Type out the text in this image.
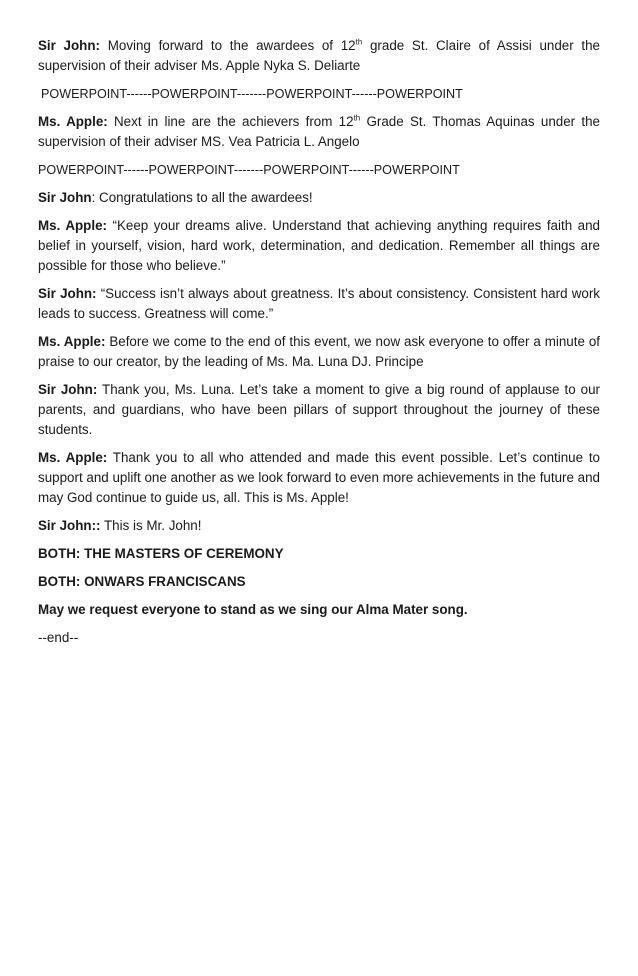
Sir John: Moving forward to the awardees of 12th grade St. Claire of Assisi under the supervision of their adviser Ms. Apple Nyka S. Deliarte

POWERPOINT------POWERPOINT-------POWERPOINT------POWERPOINT

Ms. Apple: Next in line are the achievers from 12th Grade St. Thomas Aquinas under the supervision of their adviser MS. Vea Patricia L. Angelo

POWERPOINT------POWERPOINT-------POWERPOINT------POWERPOINT

Sir John: Congratulations to all the awardees!

Ms. Apple: “Keep your dreams alive. Understand that achieving anything requires faith and belief in yourself, vision, hard work, determination, and dedication. Remember all things are possible for those who believe.”

Sir John: “Success isn’t always about greatness. It’s about consistency. Consistent hard work leads to success. Greatness will come.”

Ms. Apple: Before we come to the end of this event, we now ask everyone to offer a minute of praise to our creator, by the leading of Ms. Ma. Luna DJ. Principe

Sir John: Thank you, Ms. Luna. Let’s take a moment to give a big round of applause to our parents, and guardians, who have been pillars of support throughout the journey of these students.

Ms. Apple: Thank you to all who attended and made this event possible. Let’s continue to support and uplift one another as we look forward to even more achievements in the future and may God continue to guide us, all. This is Ms. Apple!

Sir John:: This is Mr. John!

BOTH: THE MASTERS OF CEREMONY

BOTH: ONWARS FRANCISCANS

May we request everyone to stand as we sing our Alma Mater song.

--end--
